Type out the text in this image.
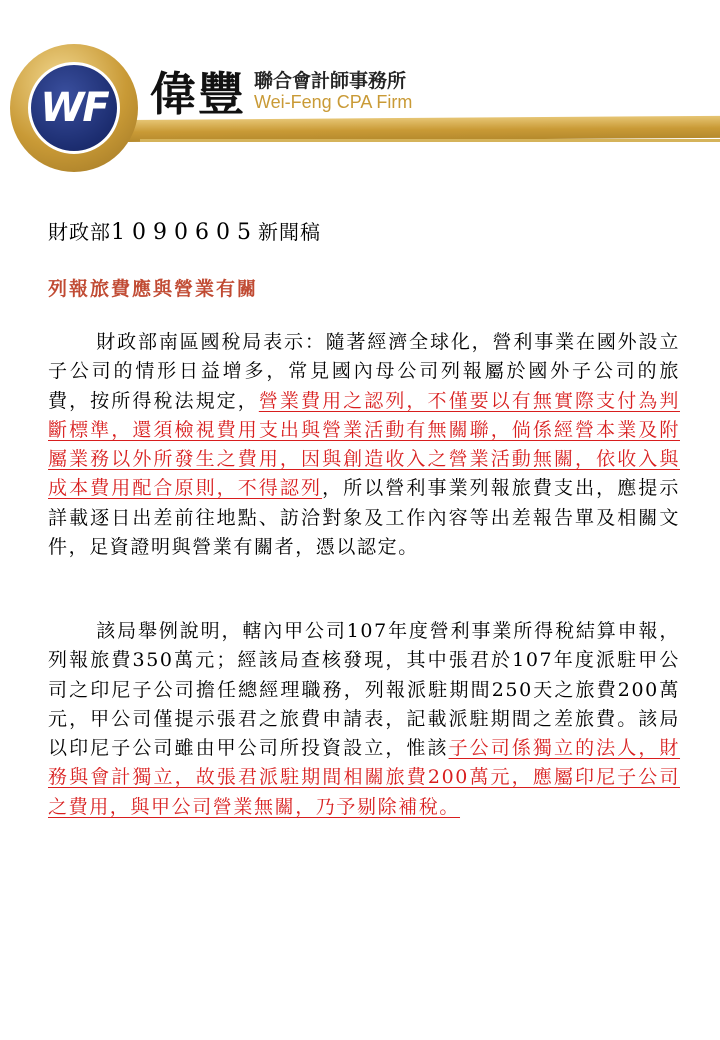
WF 偉豐 聯合會計師事務所
Wei-Feng CPA Firm
財政部1090605新聞稿
列報旅費應與營業有關

財政部南區國稅局表示：隨著經濟全球化，營利事業在國外設立子公司的情形日益增多，常見國內母公司列報屬於國外子公司的旅費，按所得稅法規定，營業費用之認列，不僅要以有無實際支付為判斷標準，還須檢視費用支出與營業活動有無關聯，倘係經營本業及附屬業務以外所發生之費用，因與創造收入之營業活動無關，依收入與成本費用配合原則，不得認列，所以營利事業列報旅費支出，應提示詳載逐日出差前往地點、訪洽對象及工作內容等出差報告單及相關文件，足資證明與營業有關者，憑以認定。

該局舉例說明，轄內甲公司107年度營利事業所得稅結算申報，列報旅費350萬元；經該局查核發現，其中張君於107年度派駐甲公司之印尼子公司擔任總經理職務，列報派駐期間250天之旅費200萬元，甲公司僅提示張君之旅費申請表，記載派駐期間之差旅費。該局以印尼子公司雖由甲公司所投資設立，惟該子公司係獨立的法人，財務與會計獨立，故張君派駐期間相關旅費200萬元，應屬印尼子公司之費用，與甲公司營業無關，乃予剔除補稅。
